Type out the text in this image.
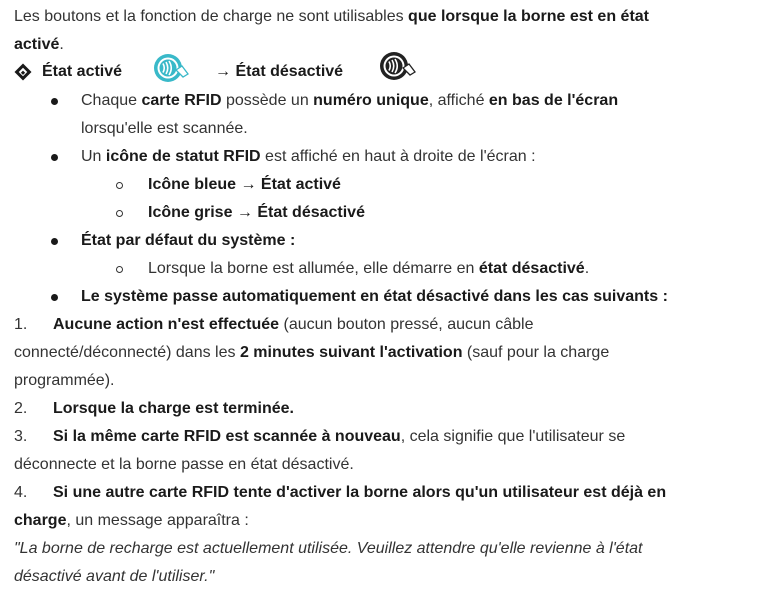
Les boutons et la fonction de charge ne sont utilisables que lorsque la borne est en état
activé.
État activé	→ État désactivé
Chaque carte RFID possède un numéro unique, affiché en bas de l'écran
lorsqu'elle est scannée.
Un icône de statut RFID est affiché en haut à droite de l'écran :
Icône bleue → État activé
Icône grise → État désactivé
État par défaut du système :
Lorsque la borne est allumée, elle démarre en état désactivé.
Le système passe automatiquement en état désactivé dans les cas suivants :
1. Aucune action n'est effectuée (aucun bouton pressé, aucun câble
connecté/déconnecté) dans les 2 minutes suivant l'activation (sauf pour la charge
programmée).
2. Lorsque la charge est terminée.
3. Si la même carte RFID est scannée à nouveau, cela signifie que l'utilisateur se
déconnecte et la borne passe en état désactivé.
4. Si une autre carte RFID tente d'activer la borne alors qu'un utilisateur est déjà en
charge, un message apparaîtra :
"La borne de recharge est actuellement utilisée. Veuillez attendre qu'elle revienne à l'état
désactivé avant de l'utiliser."
